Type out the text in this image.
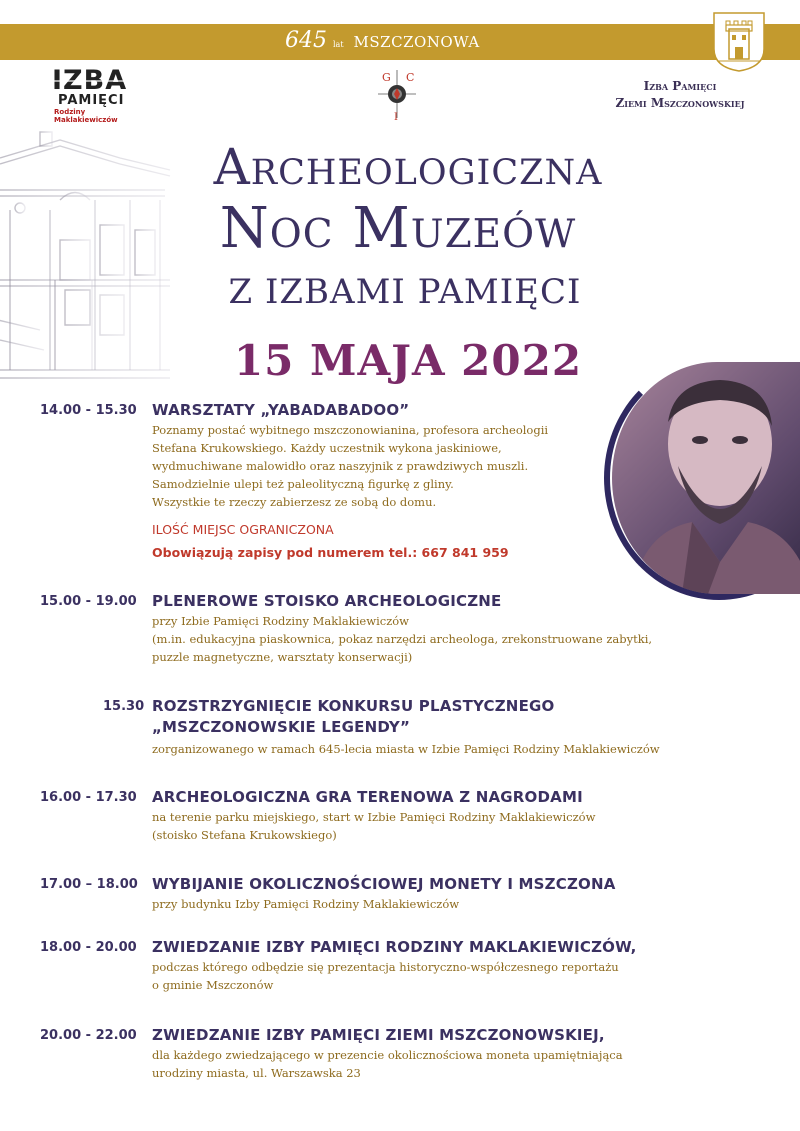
645 lat MSZCZONOWA
IZBA
PAMIĘCI
Rodziny Maklakiewiczów
G C
I
Izba Pamięci
Ziemi Mszczonowskiej
Archeologiczna
Noc Muzeów
Z IZBAMI PAMIĘCI
15 MAJA 2022
14.00 - 15.30 WARSZTATY „YABADABADOO”
Poznamy postać wybitnego mszczonowianina, profesora archeologii
Stefana Krukowskiego. Każdy uczestnik wykona jaskiniowe,
wydmuchiwane malowidło oraz naszyjnik z prawdziwych muszli.
Samodzielnie ulepi też paleolityczną figurkę z gliny.
Wszystkie te rzeczy zabierzesz ze sobą do domu.
ILOŚĆ MIEJSC OGRANICZONA
Obowiązują zapisy pod numerem tel.: 667 841 959
15.00 - 19.00 PLENEROWE STOISKO ARCHEOLOGICZNE
przy Izbie Pamięci Rodziny Maklakiewiczów
(m.in. edukacyjna piaskownica, pokaz narzędzi archeologa, zrekonstruowane zabytki,
puzzle magnetyczne, warsztaty konserwacji)
15.30 ROZSTRZYGNIĘCIE KONKURSU PLASTYCZNEGO
„MSZCZONOWSKIE LEGENDY”
zorganizowanego w ramach 645-lecia miasta w Izbie Pamięci Rodziny Maklakiewiczów
16.00 - 17.30 ARCHEOLOGICZNA GRA TERENOWA Z NAGRODAMI
na terenie parku miejskiego, start w Izbie Pamięci Rodziny Maklakiewiczów
(stoisko Stefana Krukowskiego)
17.00 – 18.00 WYBIJANIE OKOLICZNOŚCIOWEJ MONETY I MSZCZONA
przy budynku Izby Pamięci Rodziny Maklakiewiczów
18.00 - 20.00 ZWIEDZANIE IZBY PAMIĘCI RODZINY MAKLAKIEWICZÓW,
podczas którego odbędzie się prezentacja historyczno-współczesnego reportażu
o gminie Mszczonów
20.00 - 22.00 ZWIEDZANIE IZBY PAMIĘCI ZIEMI MSZCZONOWSKIEJ,
dla każdego zwiedzającego w prezencie okolicznościowa moneta upamiętniająca
urodziny miasta, ul. Warszawska 23
